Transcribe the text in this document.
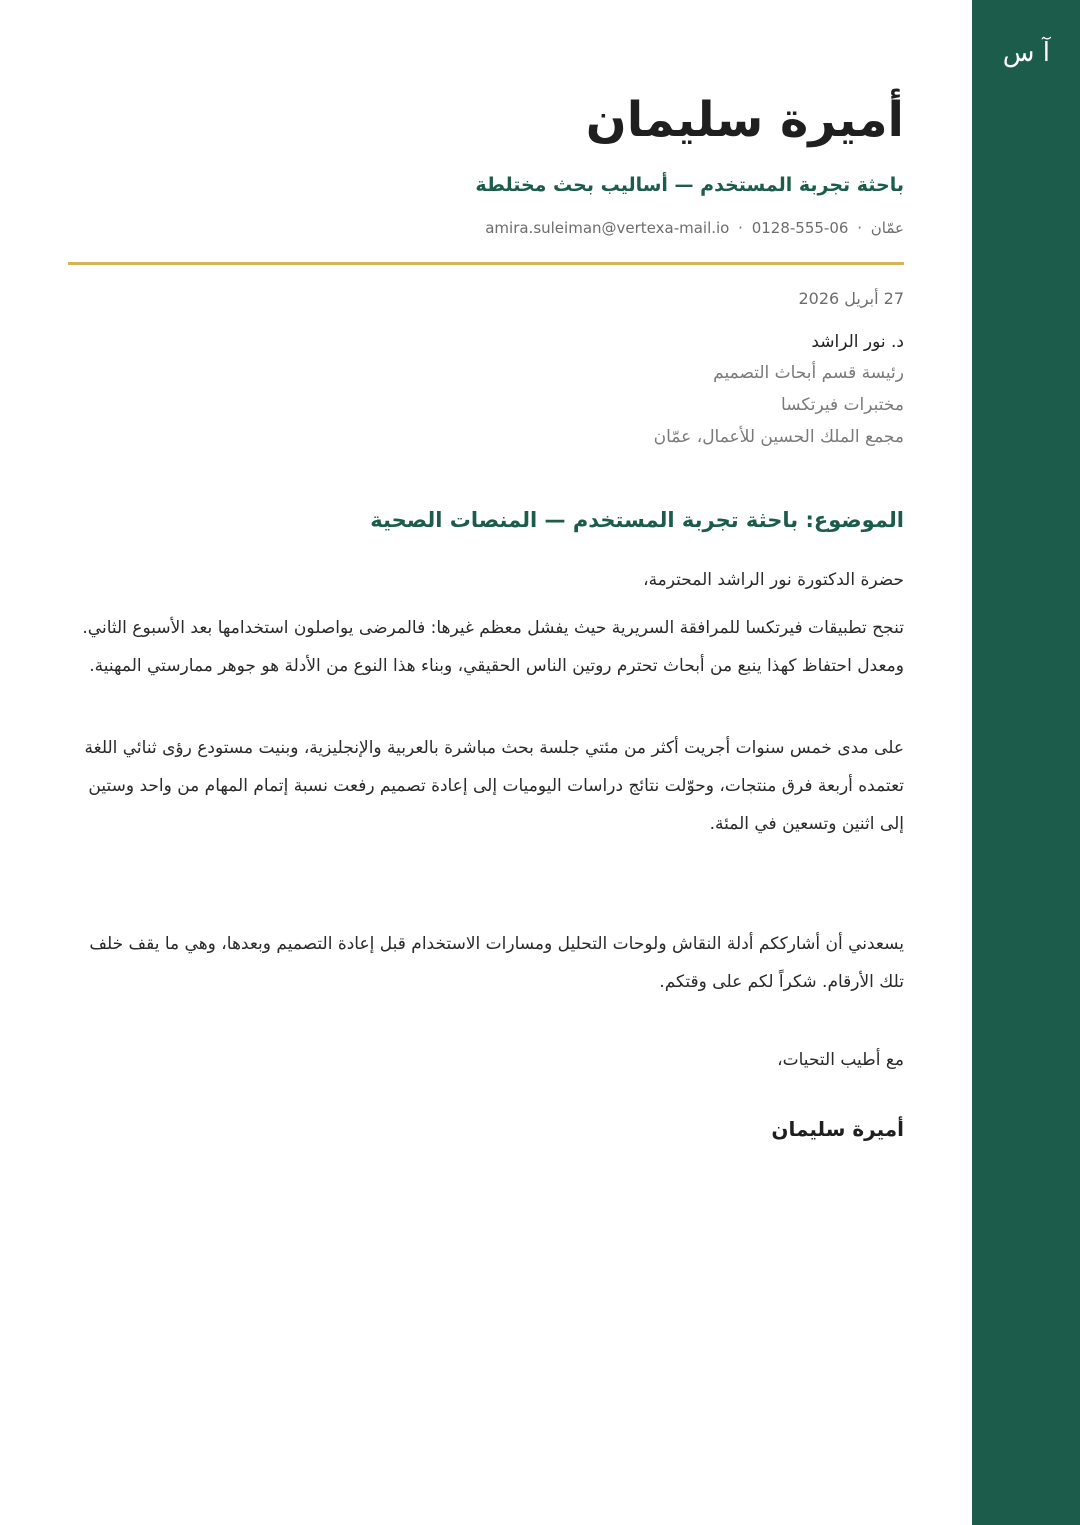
آ س
أميرة سليمان
باحثة تجربة المستخدم — أساليب بحث مختلطة
عمّان · 0128-555-06 · amira.suleiman@vertexa-mail.io
27 أبريل 2026
د. نور الراشد
رئيسة قسم أبحاث التصميم
مختبرات فيرتكسا
مجمع الملك الحسين للأعمال، عمّان
الموضوع: باحثة تجربة المستخدم — المنصات الصحية
حضرة الدكتورة نور الراشد المحترمة،

تنجح تطبيقات فيرتكسا للمرافقة السريرية حيث يفشل معظم غيرها: فالمرضى يواصلون استخدامها بعد الأسبوع الثاني. ومعدل احتفاظ كهذا ينبع من أبحاث تحترم روتين الناس الحقيقي، وبناء هذا النوع من الأدلة هو جوهر ممارستي المهنية.

على مدى خمس سنوات أجريت أكثر من مئتي جلسة بحث مباشرة بالعربية والإنجليزية، وبنيت مستودع رؤى ثنائي اللغة تعتمده أربعة فرق منتجات، وحوّلت نتائج دراسات اليوميات إلى إعادة تصميم رفعت نسبة إتمام المهام من واحد وستين إلى اثنين وتسعين في المئة.

يسعدني أن أشارككم أدلة النقاش ولوحات التحليل ومسارات الاستخدام قبل إعادة التصميم وبعدها، وهي ما يقف خلف تلك الأرقام. شكراً لكم على وقتكم.

مع أطيب التحيات،
أميرة سليمان
